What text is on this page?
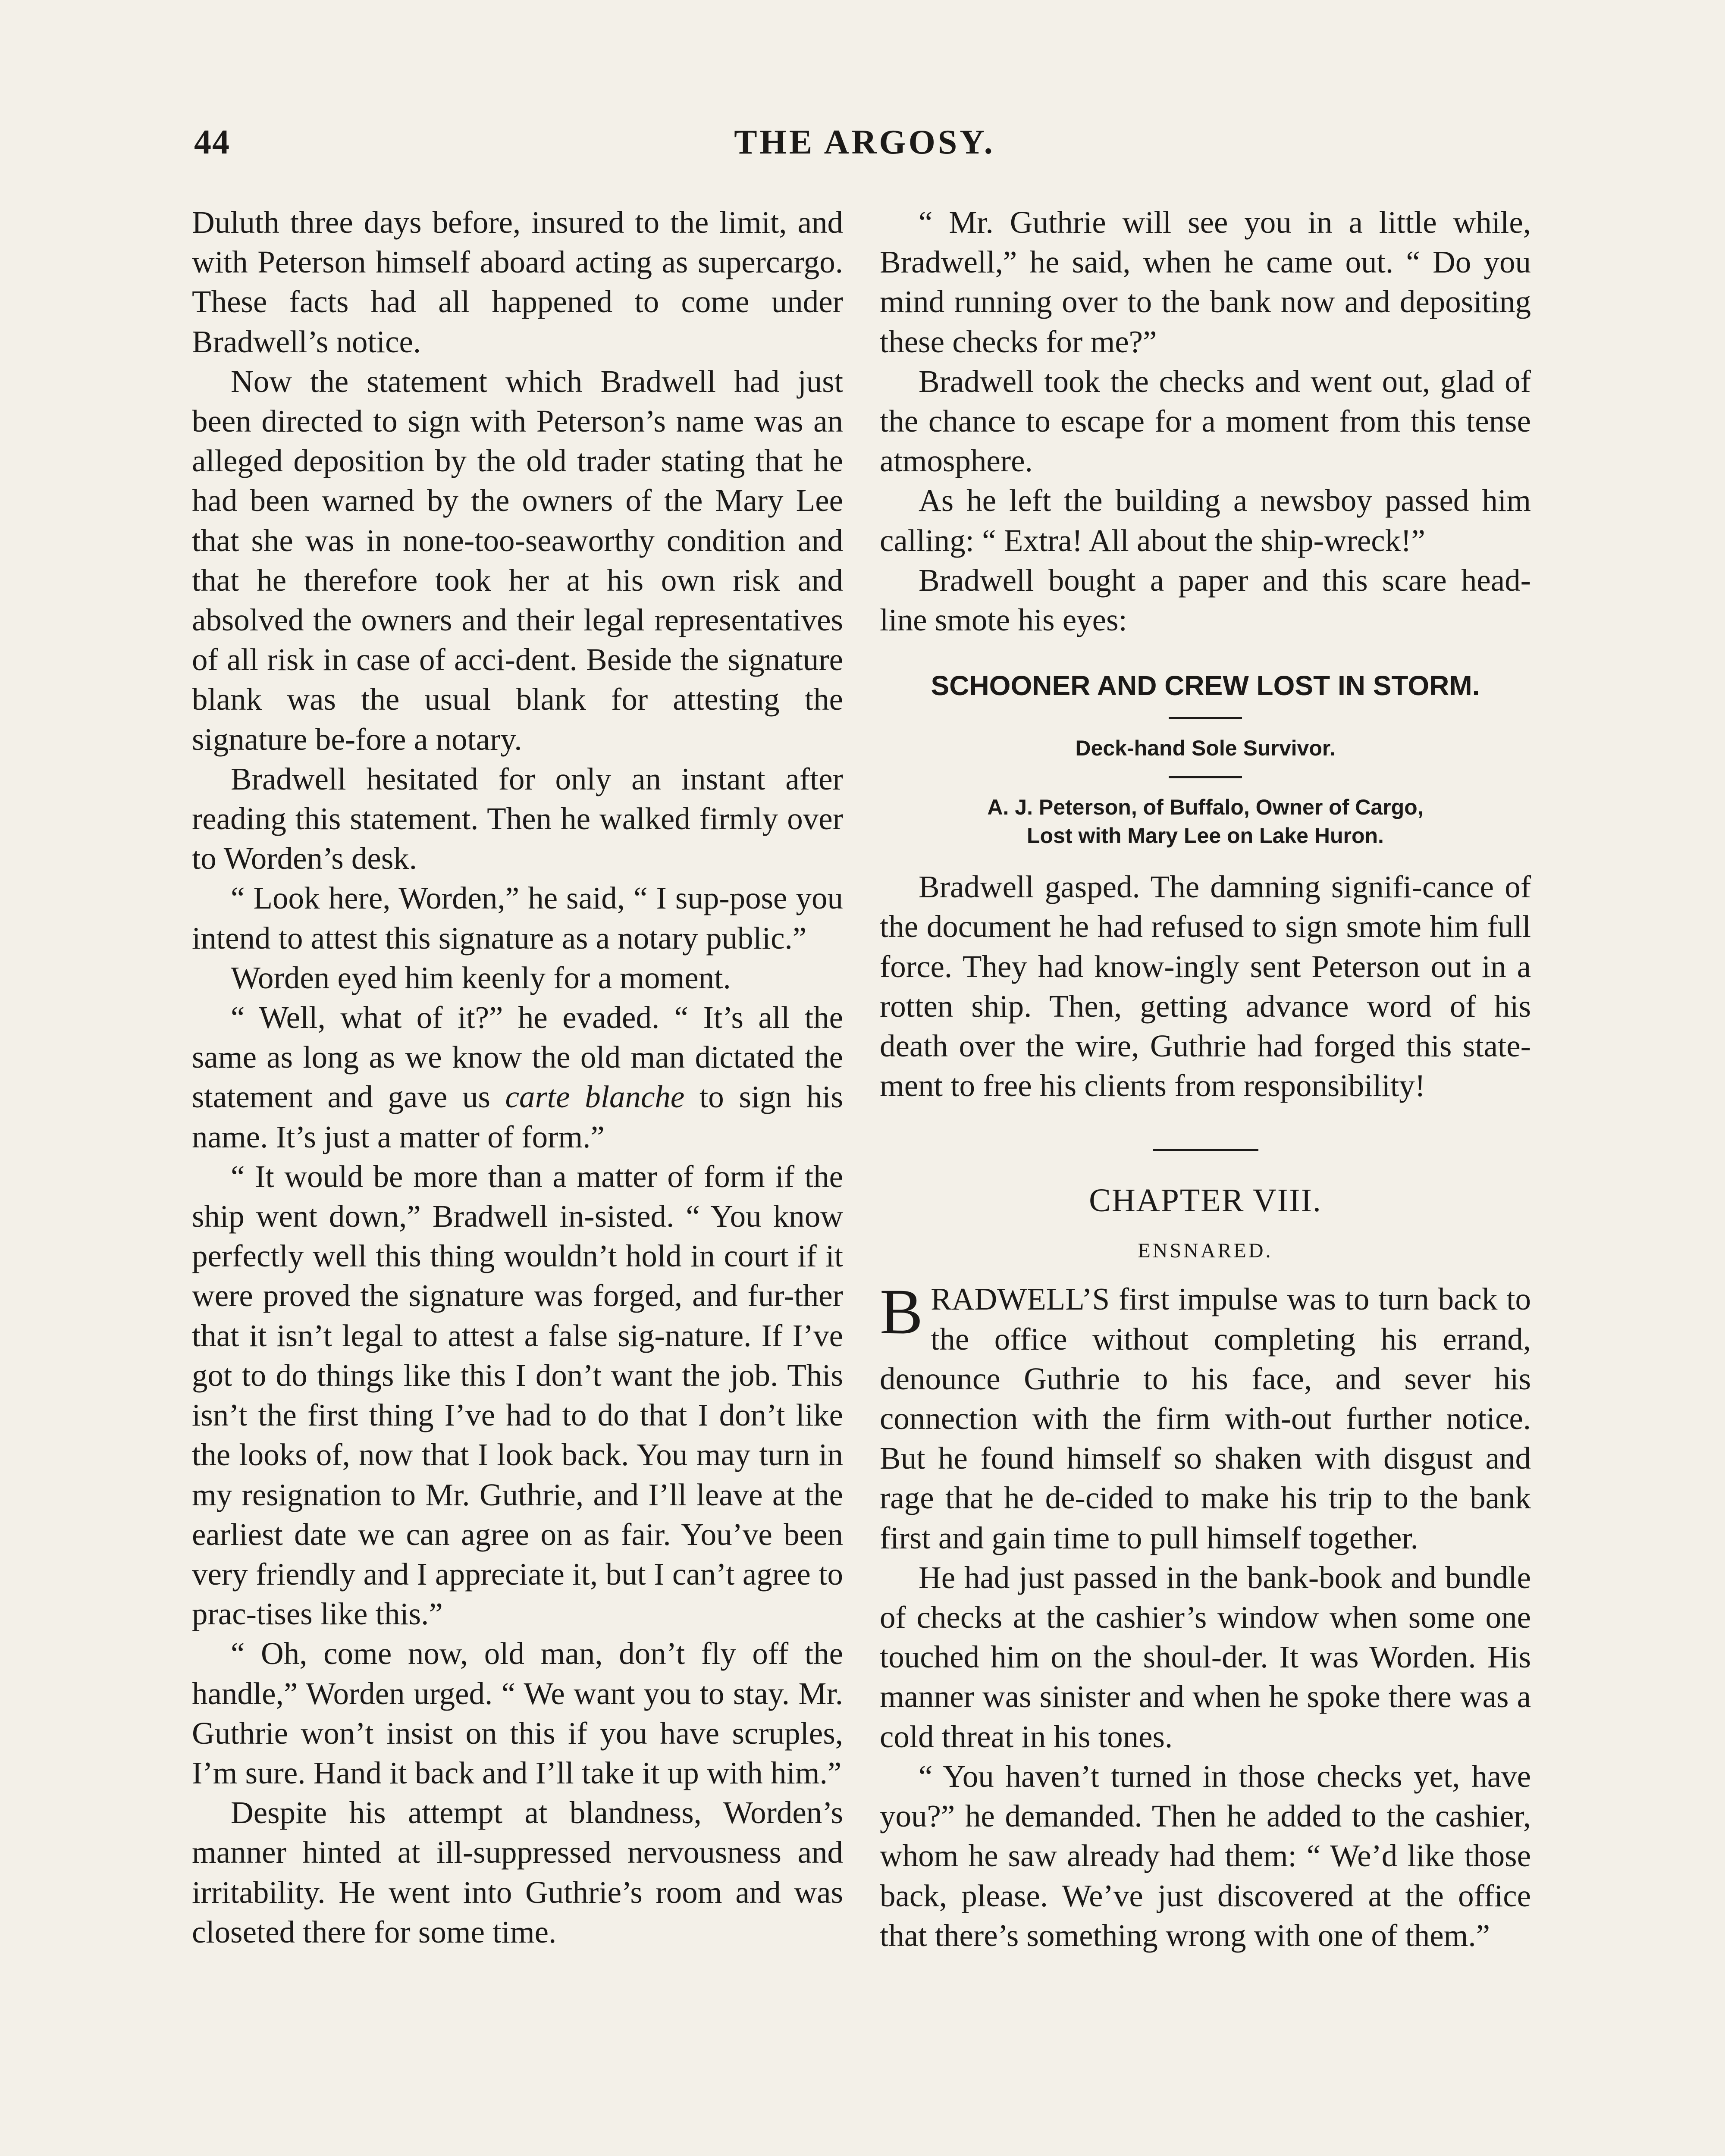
44	THE ARGOSY.

Duluth three days before, insured to the limit, and with Peterson himself aboard acting as supercargo. These facts had all happened to come under Bradwell’s notice.

Now the statement which Bradwell had just been directed to sign with Peterson’s name was an alleged deposition by the old trader stating that he had been warned by the owners of the Mary Lee that she was in none-too-seaworthy condition and that he therefore took her at his own risk and absolved the owners and their legal representatives of all risk in case of acci-dent. Beside the signature blank was the usual blank for attesting the signature be-fore a notary.

Bradwell hesitated for only an instant after reading this statement. Then he walked firmly over to Worden’s desk.

“ Look here, Worden,” he said, “ I sup-pose you intend to attest this signature as a notary public.”

Worden eyed him keenly for a moment.

“ Well, what of it?” he evaded. “ It’s all the same as long as we know the old man dictated the statement and gave us carte blanche to sign his name. It’s just a matter of form.”

“ It would be more than a matter of form if the ship went down,” Bradwell in-sisted. “ You know perfectly well this thing wouldn’t hold in court if it were proved the signature was forged, and fur-ther that it isn’t legal to attest a false sig-nature. If I’ve got to do things like this I don’t want the job. This isn’t the first thing I’ve had to do that I don’t like the looks of, now that I look back. You may turn in my resignation to Mr. Guthrie, and I’ll leave at the earliest date we can agree on as fair. You’ve been very friendly and I appreciate it, but I can’t agree to prac-tises like this.”

“ Oh, come now, old man, don’t fly off the handle,” Worden urged. “ We want you to stay. Mr. Guthrie won’t insist on this if you have scruples, I’m sure. Hand it back and I’ll take it up with him.”

Despite his attempt at blandness, Worden’s manner hinted at ill-suppressed nervousness and irritability. He went into Guthrie’s room and was closeted there for some time.

“ Mr. Guthrie will see you in a little while, Bradwell,” he said, when he came out. “ Do you mind running over to the bank now and depositing these checks for me?”

Bradwell took the checks and went out, glad of the chance to escape for a moment from this tense atmosphere.

As he left the building a newsboy passed him calling: “ Extra! All about the ship-wreck!”

Bradwell bought a paper and this scare head-line smote his eyes:

SCHOONER AND CREW LOST IN STORM.

Deck-hand Sole Survivor.

A. J. Peterson, of Buffalo, Owner of Cargo,

Lost with Mary Lee on Lake Huron.

Bradwell gasped. The damning signifi-cance of the document he had refused to sign smote him full force. They had know-ingly sent Peterson out in a rotten ship. Then, getting advance word of his death over the wire, Guthrie had forged this state-ment to free his clients from responsibility!

CHAPTER VIII.

ENSNARED.

BRADWELL’S first impulse was to turn back to the office without completing his errand, denounce Guthrie to his face, and sever his connection with the firm with-out further notice. But he found himself so shaken with disgust and rage that he de-cided to make his trip to the bank first and gain time to pull himself together.

He had just passed in the bank-book and bundle of checks at the cashier’s window when some one touched him on the shoul-der. It was Worden. His manner was sinister and when he spoke there was a cold threat in his tones.

“ You haven’t turned in those checks yet, have you?” he demanded. Then he added to the cashier, whom he saw already had them: “ We’d like those back, please. We’ve just discovered at the office that there’s something wrong with one of them.”
